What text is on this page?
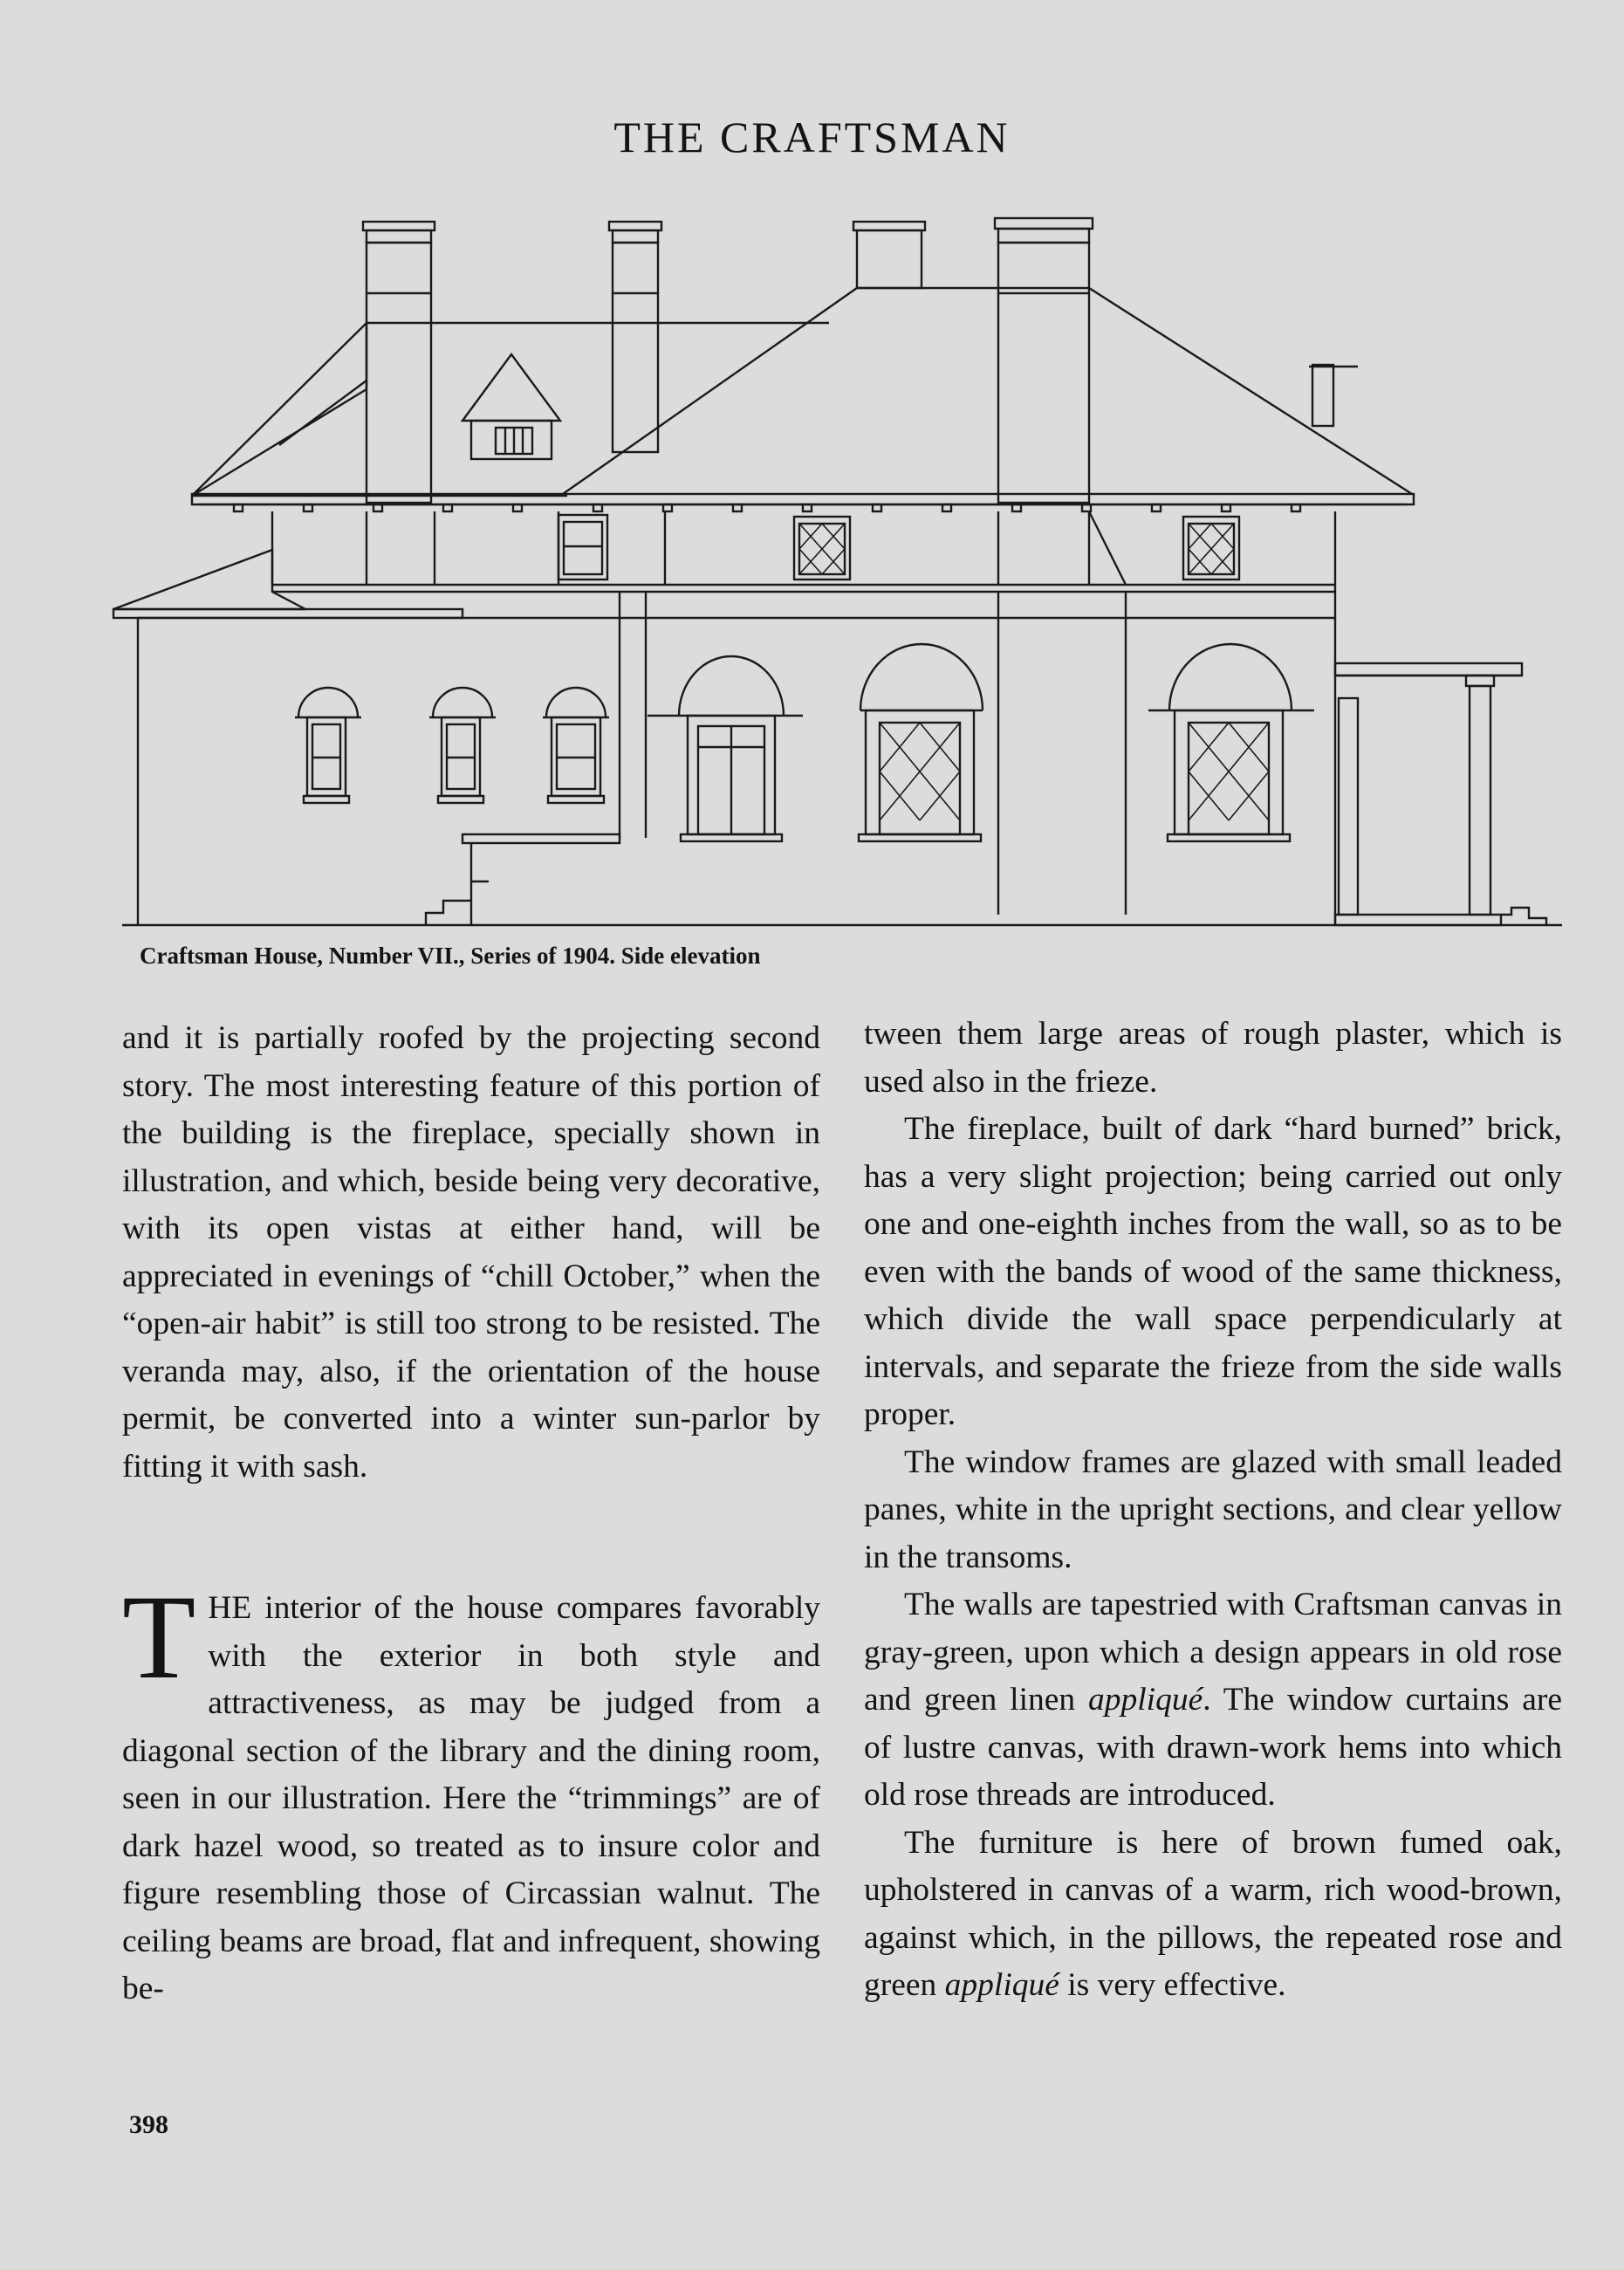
THE CRAFTSMAN
Craftsman House, Number VII., Series of 1904. Side elevation

and it is partially roofed by the projecting second story. The most interesting feature of this portion of the building is the fireplace, specially shown in illustration, and which, beside being very decorative, with its open vistas at either hand, will be appreciated in evenings of “chill October,” when the “open-air habit” is still too strong to be resisted. The veranda may, also, if the orientation of the house permit, be converted into a winter sun-parlor by fitting it with sash.

THE interior of the house compares favorably with the exterior in both style and attractiveness, as may be judged from a diagonal section of the library and the dining room, seen in our illustration. Here the “trimmings” are of dark hazel wood, so treated as to insure color and figure resembling those of Circassian walnut. The ceiling beams are broad, flat and infrequent, showing be-

tween them large areas of rough plaster, which is used also in the frieze.

The fireplace, built of dark “hard burned” brick, has a very slight projection; being carried out only one and one-eighth inches from the wall, so as to be even with the bands of wood of the same thickness, which divide the wall space perpendicularly at intervals, and separate the frieze from the side walls proper.

The window frames are glazed with small leaded panes, white in the upright sections, and clear yellow in the transoms.

The walls are tapestried with Craftsman canvas in gray-green, upon which a design appears in old rose and green linen appliqué. The window curtains are of lustre canvas, with drawn-work hems into which old rose threads are introduced.

The furniture is here of brown fumed oak, upholstered in canvas of a warm, rich wood-brown, against which, in the pillows, the repeated rose and green appliqué is very effective.

398
